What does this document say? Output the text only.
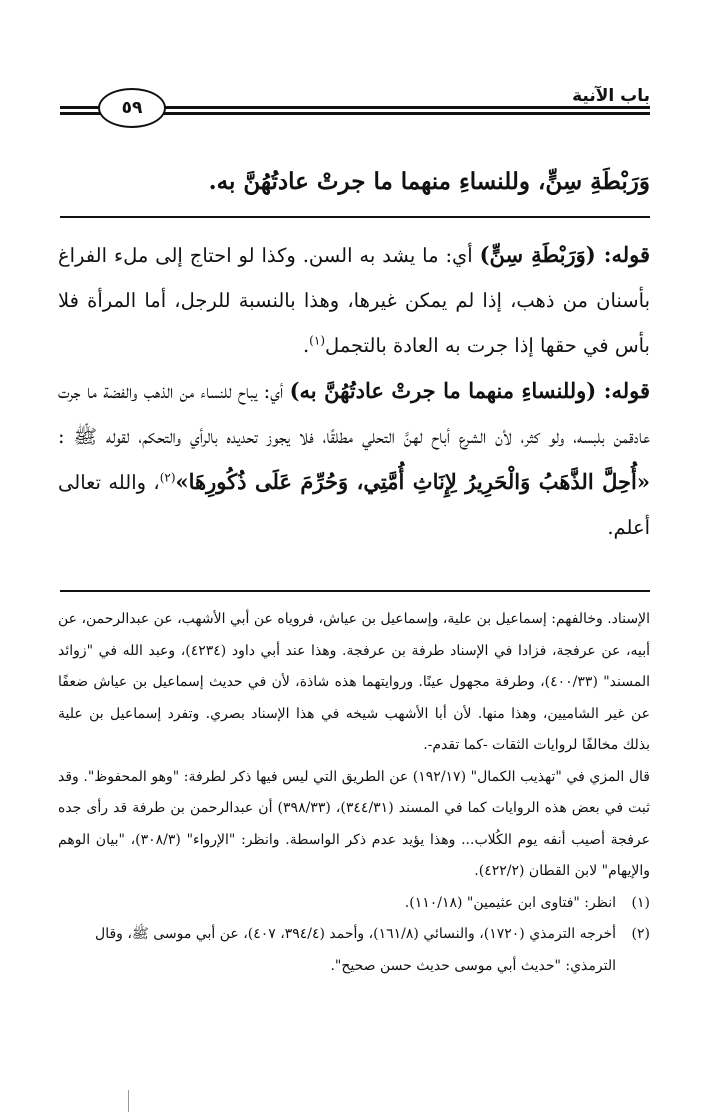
باب الآنية
٥٩
وَرَبْطَةِ سِنٍّ، وللنساءِ منهما ما جرتْ عادتُهُنَّ به.

قوله: (وَرَبْطَةِ سِنٍّ) أي: ما يشد به السن. وكذا لو احتاج إلى ملء الفراغ بأسنان من ذهب، إذا لم يمكن غيرها، وهذا بالنسبة للرجل، أما المرأة فلا بأس في حقها إذا جرت به العادة بالتجمل$^{(١)}$.

قوله: (وللنساءِ منهما ما جرتْ عادتُهُنَّ به) أي: يباح للنساء من الذهب والفضة ما جرت عادقمن بلبسه، ولو كثر، لأن الشرع أباح لهنَّ التحلي مطلقًا، فلا يجوز تحديده بالرأي والتحكم، لقوله ﷺ : «أُحِلَّ الذَّهَبُ وَالْحَرِيرُ لِإِنَاثِ أُمَّتِي، وَحُرِّمَ عَلَى ذُكُورِهَا»$^{(٢)}$، والله تعالى أعلم.

الإسناد. وخالفهم: إسماعيل بن علية، وإسماعيل بن عياش، فروياه عن أبي الأشهب، عن عبدالرحمن، عن أبيه، عن عرفجة، فزادا في الإسناد طرفة بن عرفجة. وهذا عند أبي داود (٤٢٣٤)، وعبد الله في "زوائد المسند" (٤٠٠/٣٣)، وطرفة مجهول عينًا. وروايتهما هذه شاذة، لأن في حديث إسماعيل بن عياش ضعفًا عن غير الشاميين، وهذا منها. لأن أبا الأشهب شيخه في هذا الإسناد بصري. وتفرد إسماعيل بن علية بذلك مخالفًا لروايات الثقات -كما تقدم-.

قال المزي في "تهذيب الكمال" (١٩٢/١٧) عن الطريق التي ليس فيها ذكر لطرفة: "وهو المحفوظ". وقد ثبت في بعض هذه الروايات كما في المسند (٣٤٤/٣١)، (٣٩٨/٣٣) أن عبدالرحمن بن طرفة قد رأى جده عرفجة أصيب أنفه يوم الكُلاب... وهذا يؤيد عدم ذكر الواسطة. وانظر: "الإرواء" (٣٠٨/٣)، "بيان الوهم والإيهام" لابن القطان (٤٢٢/٢).

(١)
انظر: "فتاوى ابن عثيمين" (١١٠/١٨).
(٢)
أخرجه الترمذي (١٧٢٠)، والنسائي (١٦١/٨)، وأحمد (٣٩٤/٤، ٤٠٧)، عن أبي موسى ﷺ، وقال الترمذي: "حديث أبي موسى حديث حسن صحيح".
